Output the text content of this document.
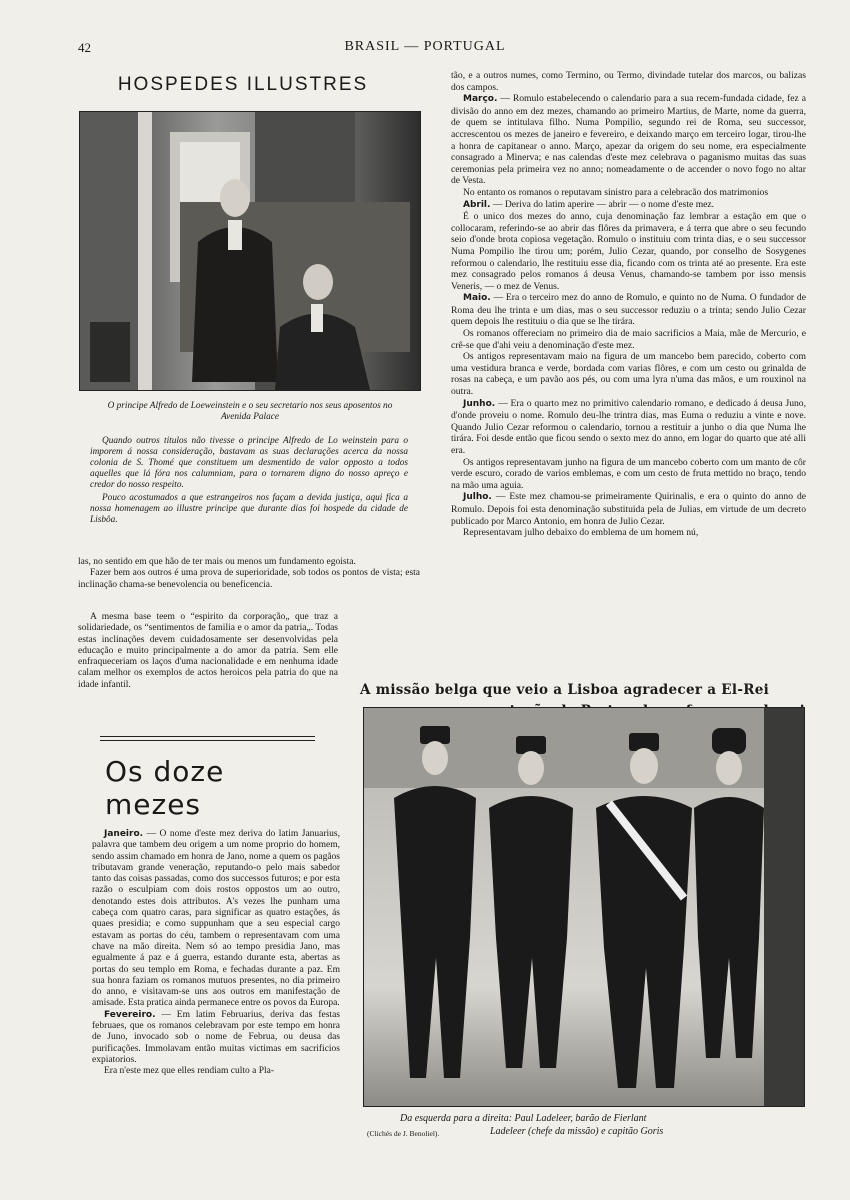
42	BRASIL — PORTUGAL
HOSPEDES ILLUSTRES
O principe Alfredo de Loeweinstein e o seu secretario nos seus aposentos no Avenida Palace
Quando outros titulos não tivesse o principe Alfredo de Lo weinstein para o imporem á nossa consideração, bastavam as suas declarações acerca da nossa colonia de S. Thomé que constituem um desmentido de valor opposto a todos aquelles que lá fóra nos calumniam, para o tornarem digno do nosso apreço e credor do nosso respeito.
Pouco acostumados a que estrangeiros nos façam a devida justiça, aqui fica a nossa homenagem ao illustre principe que durante dias foi hospede da cidade de Lisbôa.

las, no sentido em que hão de ter mais ou menos um fundamento egoista.

Fazer bem aos outros é uma prova de superioridade, sob todos os pontos de vista; esta inclinação chama-se benevolencia ou beneficencia.

A mesma base teem o “espirito da corporação„ que traz a solidariedade, os “sentimentos de familia e o amor da patria„. Todas estas inclinações devem cuidadosamente ser desenvolvidas pela educação e muito principalmente a do amor da patria. Sem elle enfraqueceriam os laços d'uma nacionalidade e em nenhuma idade calam melhor os exemplos de actos heroicos pela patria do que na idade infantil.

Os doze mezes

Janeiro. — O nome d'este mez deriva do latim Januarius, palavra que tambem deu origem a um nome proprio do homem, sendo assim chamado em honra de Jano, nome a quem os pagãos tributavam grande veneração, reputando-o pelo mais sabedor tanto das coisas passadas, como dos successos futuros; e por esta razão o esculpiam com dois rostos oppostos um ao outro, denotando estes dois attributos. A's vezes lhe punham uma cabeça com quatro caras, para significar as quatro estações, ás quaes presidia; e como suppunham que a seu especial cargo estavam as portas do céu, tambem o representavam com uma chave na mão direita. Nem só ao tempo presidia Jano, mas egualmente á paz e á guerra, estando durante esta, abertas as portas do seu templo em Roma, e fechadas durante a paz. Em sua honra faziam os romanos mutuos presentes, no dia primeiro do anno, e visitavam-se uns aos outros em manifestação de amisade. Esta pratica ainda permanece entre os povos da Europa.

Fevereiro. — Em latim Februarius, deriva das festas februaes, que os romanos celebravam por este tempo em honra de Juno, invocado sob o nome de Februa, ou deusa das purificações. Immolavam então muitas victimas em sacrificios expiatorios.

Era n'este mez que elles rendiam culto a Pla-

tão, e a outros numes, como Termino, ou Termo, divindade tutelar dos marcos, ou balizas dos campos.

Março. — Romulo estabelecendo o calendario para a sua recem-fundada cidade, fez a divisão do anno em dez mezes, chamando ao primeiro Martius, de Marte, nome da guerra, de quem se intitulava filho. Numa Pompilio, segundo rei de Roma, seu successor, accrescentou os mezes de janeiro e fevereiro, e deixando março em terceiro logar, tirou-lhe a honra de capitanear o anno. Março, apezar da origem do seu nome, era especialmente consagrado a Minerva; e nas calendas d'este mez celebrava o paganismo muitas das suas ceremonias pela primeira vez no anno; nomeadamente o de accender o novo fogo no altar de Vesta.

No entanto os romanos o reputavam sinistro para a celebracão dos matrimonios

Abril. — Deriva do latim aperire — abrir — o nome d'este mez.

É o unico dos mezes do anno, cuja denominação faz lembrar a estação em que o collocaram, referindo-se ao abrir das flôres da primavera, e á terra que abre o seu fecundo seio d'onde brota copiosa vegetação. Romulo o instituiu com trinta dias, e o seu successor Numa Pompilio lhe tirou um; porém, Julio Cezar, quando, por conselho de Sosygenes reformou o calendario, lhe restituiu esse dia, ficando com os trinta até ao presente. Era este mez consagrado pelos romanos á deusa Venus, chamando-se tambem por isso mensis Veneris, — o mez de Venus.

Maio. — Era o terceiro mez do anno de Romulo, e quinto no de Numa. O fundador de Roma deu lhe trinta e um dias, mas o seu successor reduziu o a trinta; sendo Julio Cezar quem depois lhe restituiu o dia que se lhe tirára.

Os romanos offereciam no primeiro dia de maio sacrificios a Maia, mãe de Mercurio, e crê-se que d'ahi veiu a denominação d'este mez.

Os antigos representavam maio na figura de um mancebo bem parecido, coberto com uma vestidura branca e verde, bordada com varias flôres, e com um cesto ou grinalda de rosas na cabeça, e um pavão aos pés, ou com uma lyra n'uma das mãos, e um rouxinol na outra.

Junho. — Era o quarto mez no primitivo calendario romano, e dedicado á deusa Juno, d'onde proveiu o nome. Romulo deu-lhe trintra dias, mas Euma o reduziu a vinte e nove. Quando Julio Cezar reformou o calendario, tornou a restituir a junho o dia que Numa lhe tirára. Foi desde então que ficou sendo o sexto mez do anno, em logar do quarto que até alli era.

Os antigos representavam junho na figura de um mancebo coberto com um manto de côr verde escuro, corado de varios emblemas, e com um cesto de fruta mettido no braço, tendo na mão uma aguia.

Julho. — Este mez chamou-se primeiramente Quirinalis, e era o quinto do anno de Romulo. Depois foi esta denominação substituida pela de Julias, em virtude de um decreto publicado por Marco Antonio, em honra de Julio Cezar.

Representavam julho debaixo do emblema de um homem nú,

A missão belga que veio a Lisboa agradecer a El-Rei
Da esquerda para a direita: Paul Ladeleer, barão de Fierlant
(Clichés de J. Benoliel).	Ladeleer (chefe da missão) e capitão Goris
